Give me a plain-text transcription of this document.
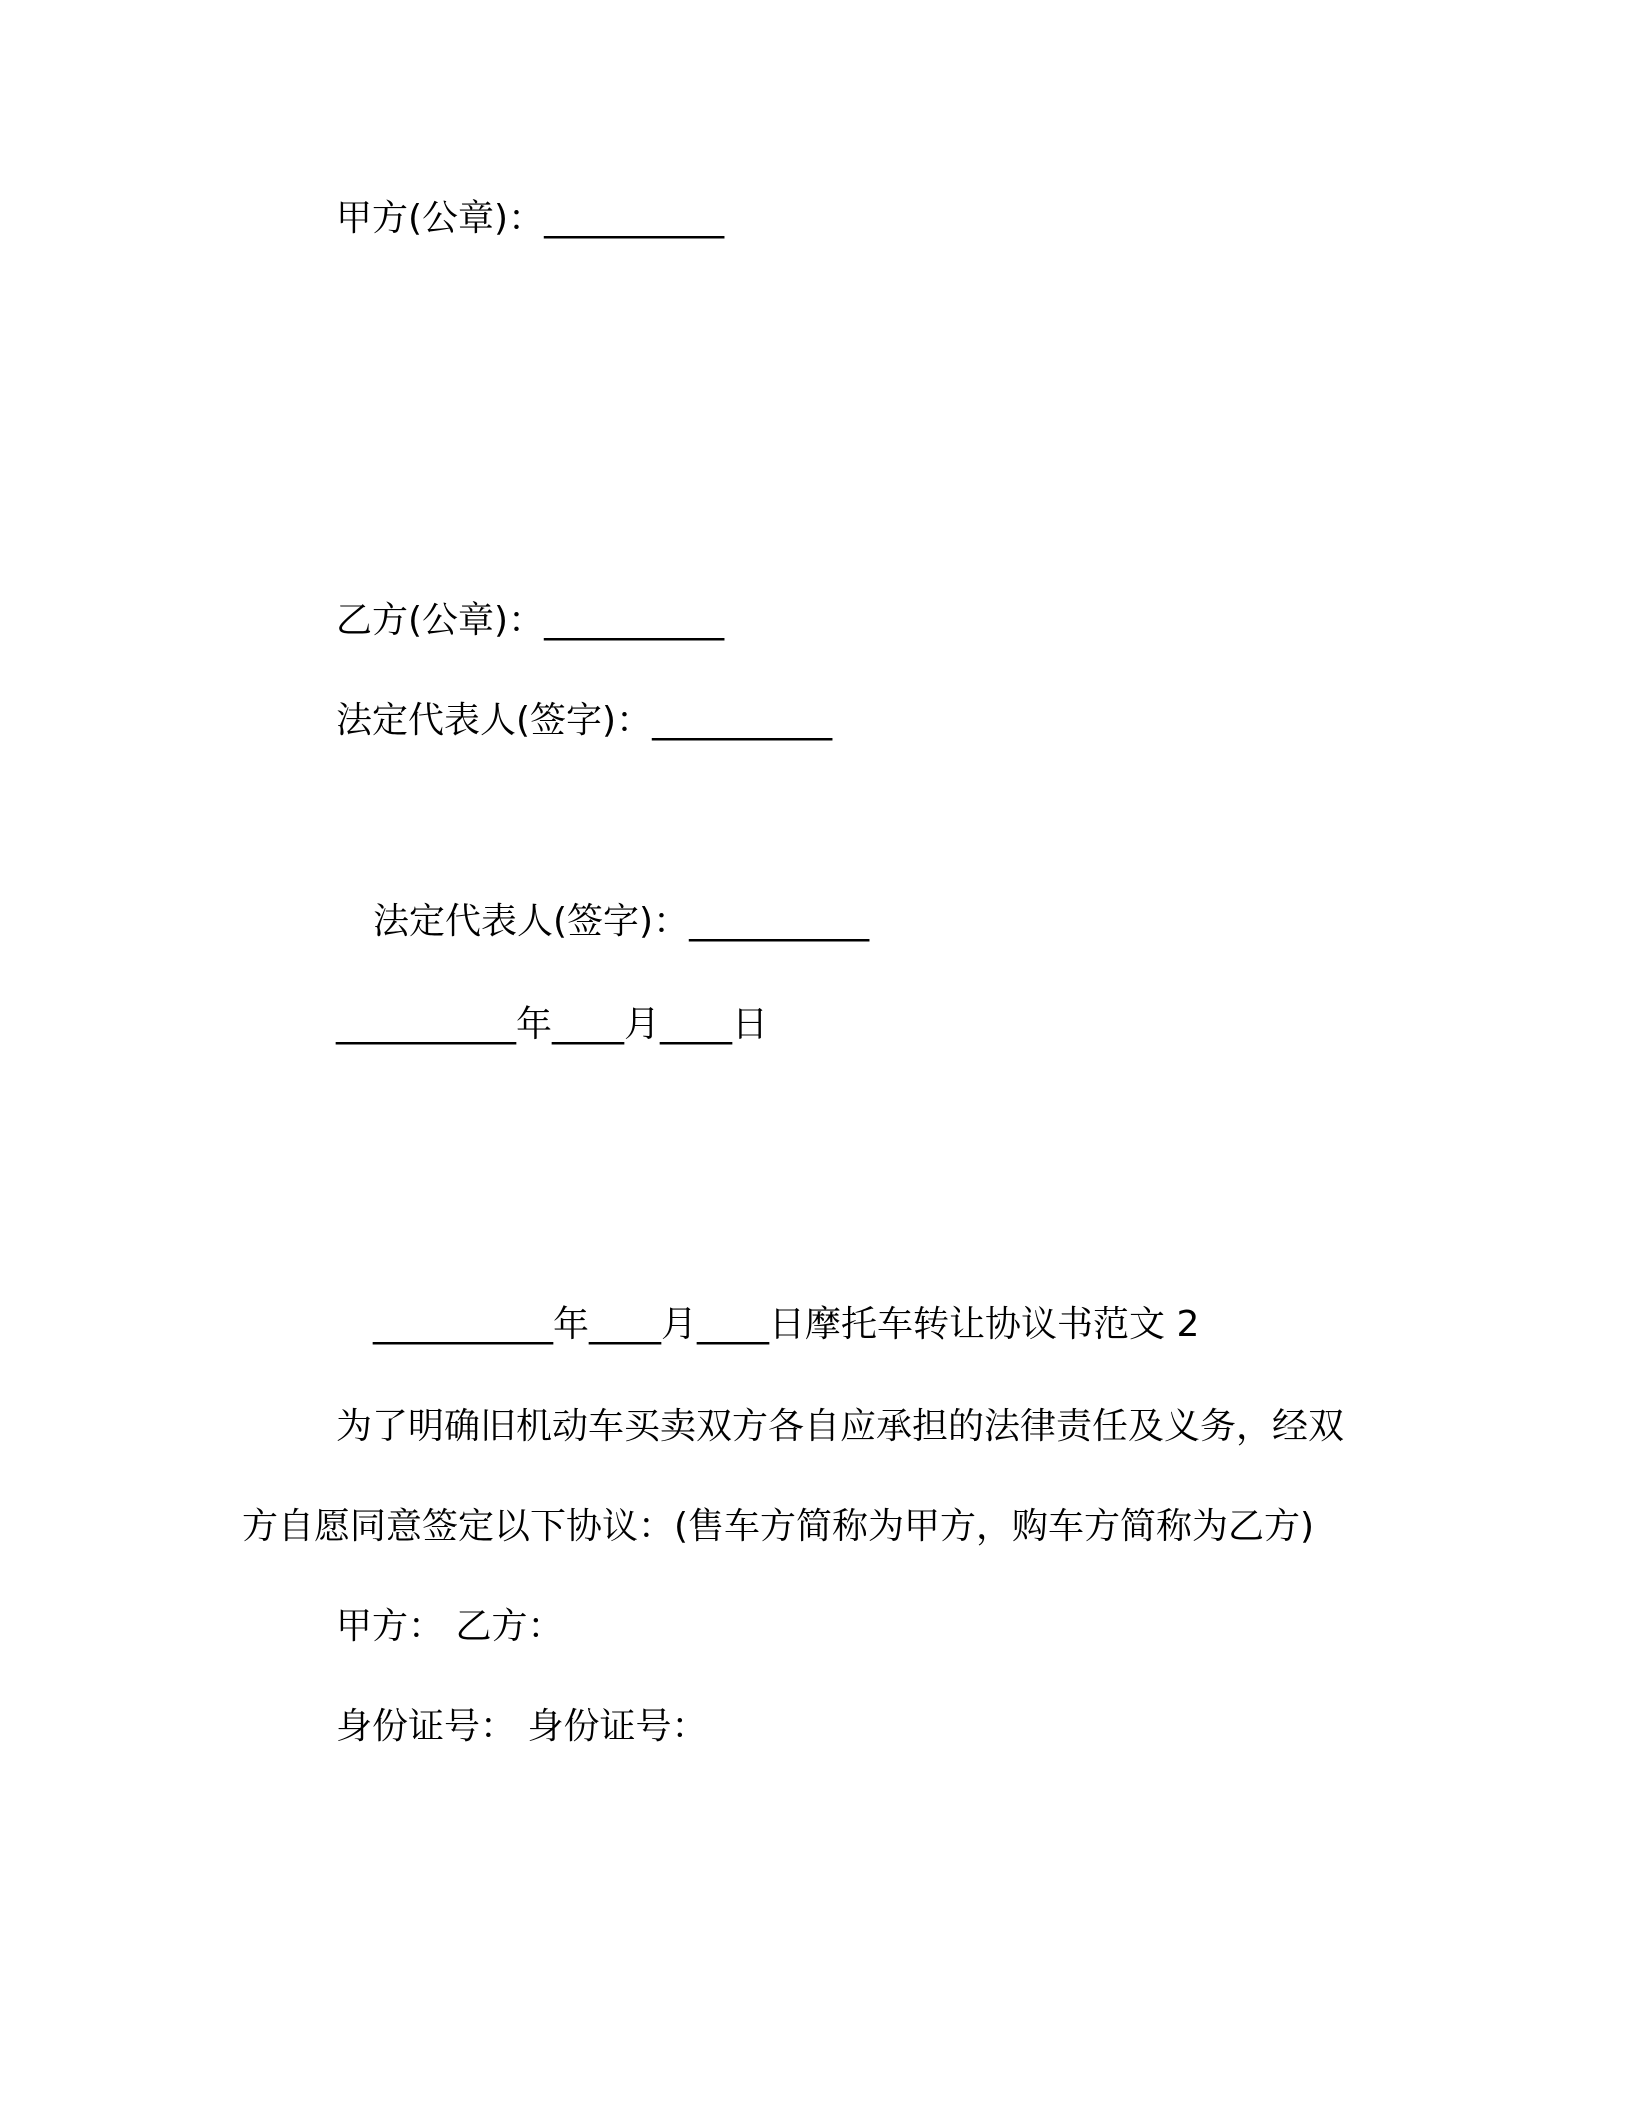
甲方(公章)：__________

乙方(公章)：__________

法定代表人(签字)：__________

法定代表人(签字)：__________

__________年____月____日

__________年____月____日摩托车转让协议书范文 2

为了明确旧机动车买卖双方各自应承担的法律责任及义务，经双

方自愿同意签定以下协议：(售车方简称为甲方，购车方简称为乙方)

甲方： 乙方：

身份证号： 身份证号：
